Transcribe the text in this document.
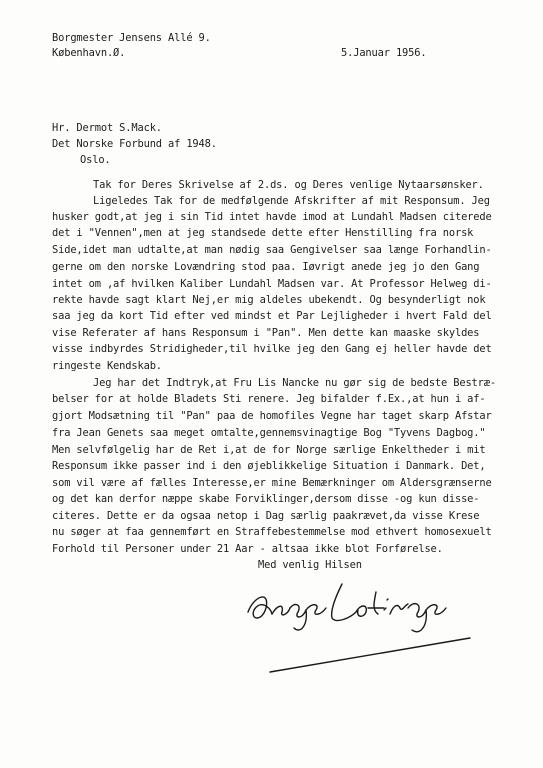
Borgmester Jensens Allé 9.
København.Ø.	5.Januar 1956.
Hr. Dermot S.Mack.
Det Norske Forbund af 1948.
Oslo.
Tak for Deres Skrivelse af 2.ds. og Deres venlige Nytaarsønsker.
Ligeledes Tak for de medfølgende Afskrifter af mit Responsum. Jeg
husker godt,at jeg i sin Tid intet havde imod at Lundahl Madsen citerede
det i "Vennen",men at jeg standsede dette efter Henstilling fra norsk
Side,idet man udtalte,at man nødig saa Gengivelser saa længe Forhandlin-
gerne om den norske Lovændring stod paa. Iøvrigt anede jeg jo den Gang
intet om ,af hvilken Kaliber Lundahl Madsen var. At Professor Helweg di-
rekte havde sagt klart Nej,er mig aldeles ubekendt. Og besynderligt nok
saa jeg da kort Tid efter ved mindst et Par Lejligheder i hvert Fald del
vise Referater af hans Responsum i "Pan". Men dette kan maaske skyldes
visse indbyrdes Stridigheder,til hvilke jeg den Gang ej heller havde det
ringeste Kendskab.
Jeg har det Indtryk,at Fru Lis Nancke nu gør sig de bedste Bestræ-
belser for at holde Bladets Sti renere. Jeg bifalder f.Ex.,at hun i af-
gjort Modsætning til "Pan" paa de homofiles Vegne har taget skarp Afstar
fra Jean Genets saa meget omtalte,gennemsvinagtige Bog "Tyvens Dagbog."
Men selvfølgelig har de Ret i,at de for Norge særlige Enkeltheder i mit
Responsum ikke passer ind i den øjeblikkelige Situation i Danmark. Det,
som vil være af fælles Interesse,er mine Bemærkninger om Aldersgrænserne
og det kan derfor næppe skabe Forviklinger,dersom disse -og kun disse-
citeres. Dette er da ogsaa netop i Dag særlig paakrævet,da visse Krese
nu søger at faa gennemført en Straffebestemmelse mod ethvert homosexuelt
Forhold til Personer under 21 Aar - altsaa ikke blot Forførelse.
Med venlig Hilsen
